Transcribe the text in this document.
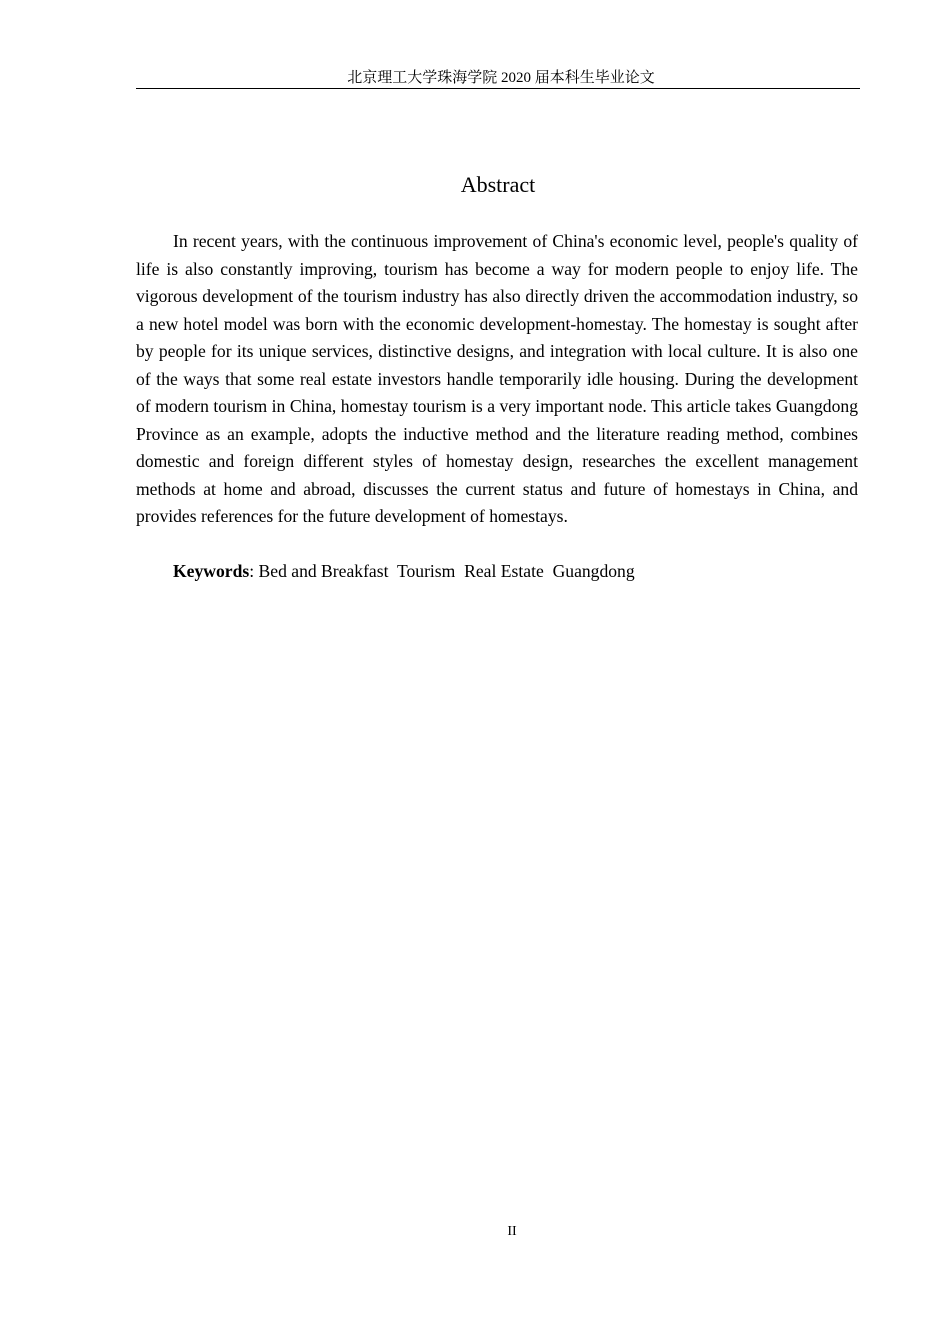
北京理工大学珠海学院 2020 届本科生毕业论文
Abstract

In recent years, with the continuous improvement of China's economic level, people's quality of life is also constantly improving, tourism has become a way for modern people to enjoy life. The vigorous development of the tourism industry has also directly driven the accommodation industry, so a new hotel model was born with the economic development-homestay. The homestay is sought after by people for its unique services, distinctive designs, and integration with local culture. It is also one of the ways that some real estate investors handle temporarily idle housing. During the development of modern tourism in China, homestay tourism is a very important node. This article takes Guangdong Province as an example, adopts the inductive method and the literature reading method, combines domestic and foreign different styles of homestay design, researches the excellent management methods at home and abroad, discusses the current status and future of homestays in China, and provides references for the future development of homestays.

Keywords: Bed and Breakfast  Tourism  Real Estate  Guangdong

II
